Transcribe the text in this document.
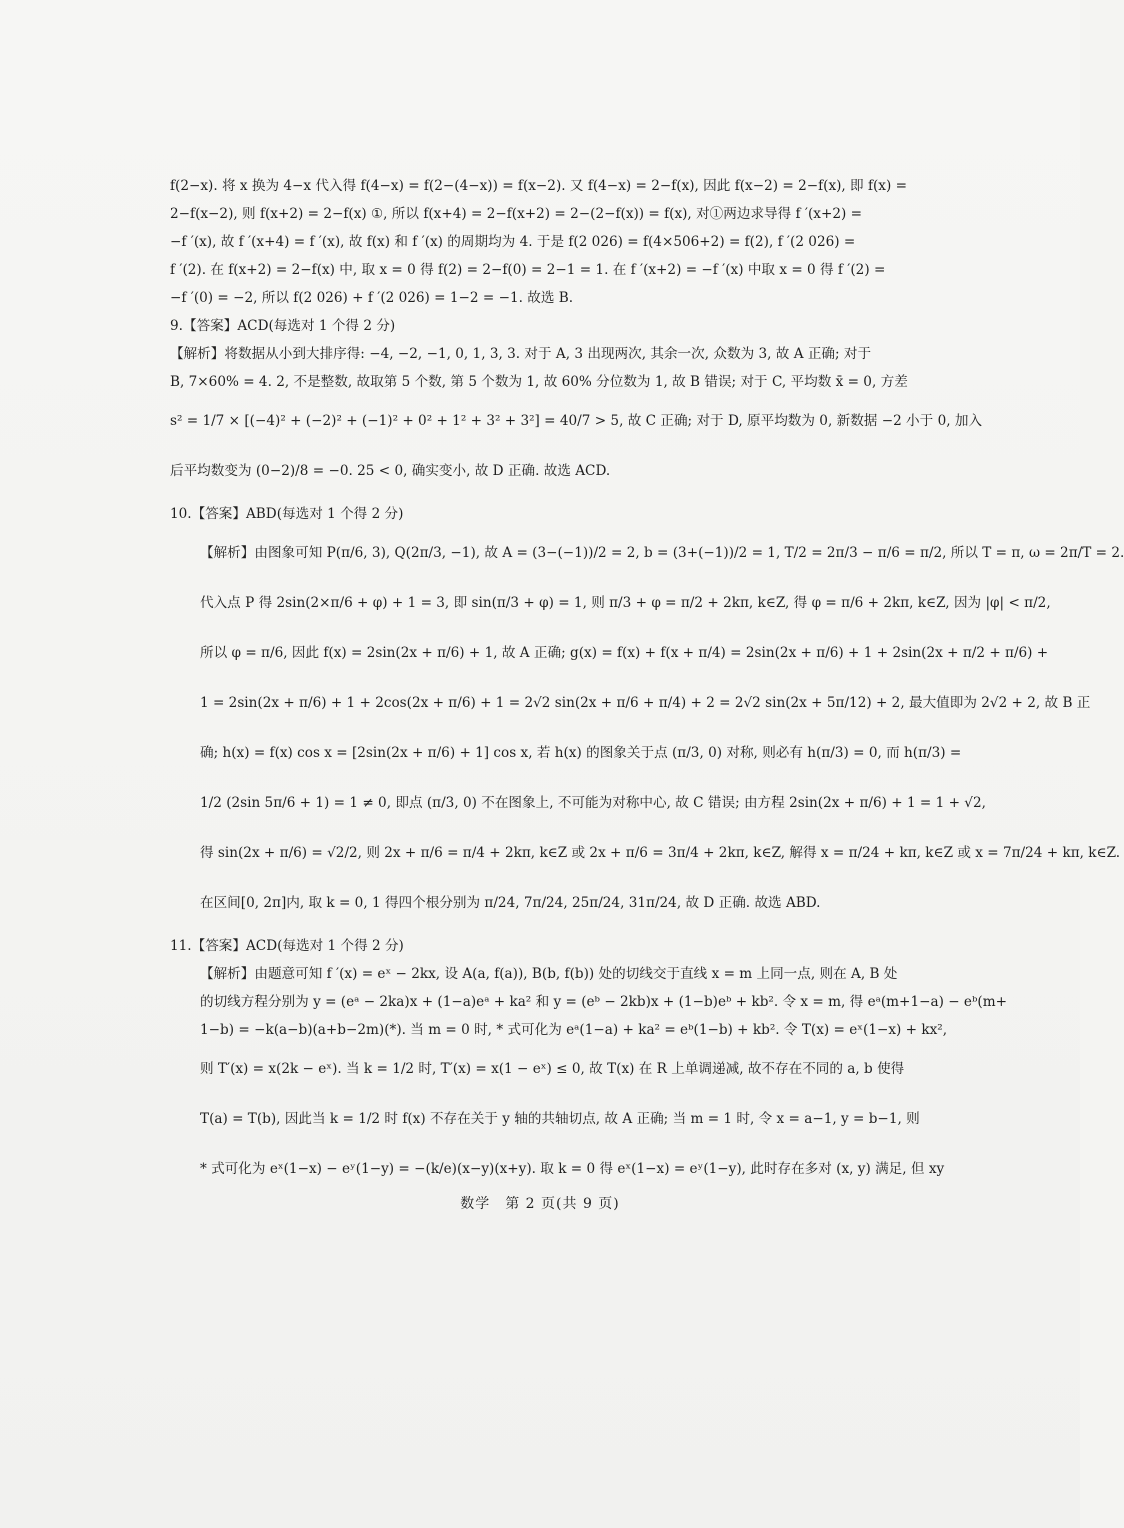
f(2−x). 将 x 换为 4−x 代入得 f(4−x) = f(2−(4−x)) = f(x−2). 又 f(4−x) = 2−f(x), 因此 f(x−2) = 2−f(x), 即 f(x) =
2−f(x−2), 则 f(x+2) = 2−f(x) ①, 所以 f(x+4) = 2−f(x+2) = 2−(2−f(x)) = f(x), 对①两边求导得 f ′(x+2) =
−f ′(x), 故 f ′(x+4) = f ′(x), 故 f(x) 和 f ′(x) 的周期均为 4. 于是 f(2 026) = f(4×506+2) = f(2), f ′(2 026) =
f ′(2). 在 f(x+2) = 2−f(x) 中, 取 x = 0 得 f(2) = 2−f(0) = 2−1 = 1. 在 f ′(x+2) = −f ′(x) 中取 x = 0 得 f ′(2) =
−f ′(0) = −2, 所以 f(2 026) + f ′(2 026) = 1−2 = −1. 故选 B.
9.【答案】ACD(每选对 1 个得 2 分)
【解析】将数据从小到大排序得: −4, −2, −1, 0, 1, 3, 3. 对于 A, 3 出现两次, 其余一次, 众数为 3, 故 A 正确; 对于
B, 7×60% = 4. 2, 不是整数, 故取第 5 个数, 第 5 个数为 1, 故 60% 分位数为 1, 故 B 错误; 对于 C, 平均数 x̄ = 0, 方差
s² = 1/7 × [(−4)² + (−2)² + (−1)² + 0² + 1² + 3² + 3²] = 40/7 > 5, 故 C 正确; 对于 D, 原平均数为 0, 新数据 −2 小于 0, 加入
后平均数变为 (0−2)/8 = −0. 25 < 0, 确实变小, 故 D 正确. 故选 ACD.
10.【答案】ABD(每选对 1 个得 2 分)
【解析】由图象可知 P(π/6, 3), Q(2π/3, −1), 故 A = (3−(−1))/2 = 2, b = (3+(−1))/2 = 1, T/2 = 2π/3 − π/6 = π/2, 所以 T = π, ω = 2π/T = 2.
代入点 P 得 2sin(2×π/6 + φ) + 1 = 3, 即 sin(π/3 + φ) = 1, 则 π/3 + φ = π/2 + 2kπ, k∈Z, 得 φ = π/6 + 2kπ, k∈Z, 因为 |φ| < π/2,
所以 φ = π/6, 因此 f(x) = 2sin(2x + π/6) + 1, 故 A 正确; g(x) = f(x) + f(x + π/4) = 2sin(2x + π/6) + 1 + 2sin(2x + π/2 + π/6) +
1 = 2sin(2x + π/6) + 1 + 2cos(2x + π/6) + 1 = 2√2 sin(2x + π/6 + π/4) + 2 = 2√2 sin(2x + 5π/12) + 2, 最大值即为 2√2 + 2, 故 B 正
确; h(x) = f(x) cos x = [2sin(2x + π/6) + 1] cos x, 若 h(x) 的图象关于点 (π/3, 0) 对称, 则必有 h(π/3) = 0, 而 h(π/3) =
1/2 (2sin 5π/6 + 1) = 1 ≠ 0, 即点 (π/3, 0) 不在图象上, 不可能为对称中心, 故 C 错误; 由方程 2sin(2x + π/6) + 1 = 1 + √2,
得 sin(2x + π/6) = √2/2, 则 2x + π/6 = π/4 + 2kπ, k∈Z 或 2x + π/6 = 3π/4 + 2kπ, k∈Z, 解得 x = π/24 + kπ, k∈Z 或 x = 7π/24 + kπ, k∈Z.
在区间[0, 2π]内, 取 k = 0, 1 得四个根分别为 π/24, 7π/24, 25π/24, 31π/24, 故 D 正确. 故选 ABD.
11.【答案】ACD(每选对 1 个得 2 分)
【解析】由题意可知 f ′(x) = eˣ − 2kx, 设 A(a, f(a)), B(b, f(b)) 处的切线交于直线 x = m 上同一点, 则在 A, B 处
的切线方程分别为 y = (eᵃ − 2ka)x + (1−a)eᵃ + ka² 和 y = (eᵇ − 2kb)x + (1−b)eᵇ + kb². 令 x = m, 得 eᵃ(m+1−a) − eᵇ(m+
1−b) = −k(a−b)(a+b−2m)(*). 当 m = 0 时, * 式可化为 eᵃ(1−a) + ka² = eᵇ(1−b) + kb². 令 T(x) = eˣ(1−x) + kx²,
则 T′(x) = x(2k − eˣ). 当 k = 1/2 时, T′(x) = x(1 − eˣ) ≤ 0, 故 T(x) 在 R 上单调递减, 故不存在不同的 a, b 使得
T(a) = T(b), 因此当 k = 1/2 时 f(x) 不存在关于 y 轴的共轴切点, 故 A 正确; 当 m = 1 时, 令 x = a−1, y = b−1, 则
* 式可化为 eˣ(1−x) − eʸ(1−y) = −(k/e)(x−y)(x+y). 取 k = 0 得 eˣ(1−x) = eʸ(1−y), 此时存在多对 (x, y) 满足, 但 xy
数学　第 2 页(共 9 页)
